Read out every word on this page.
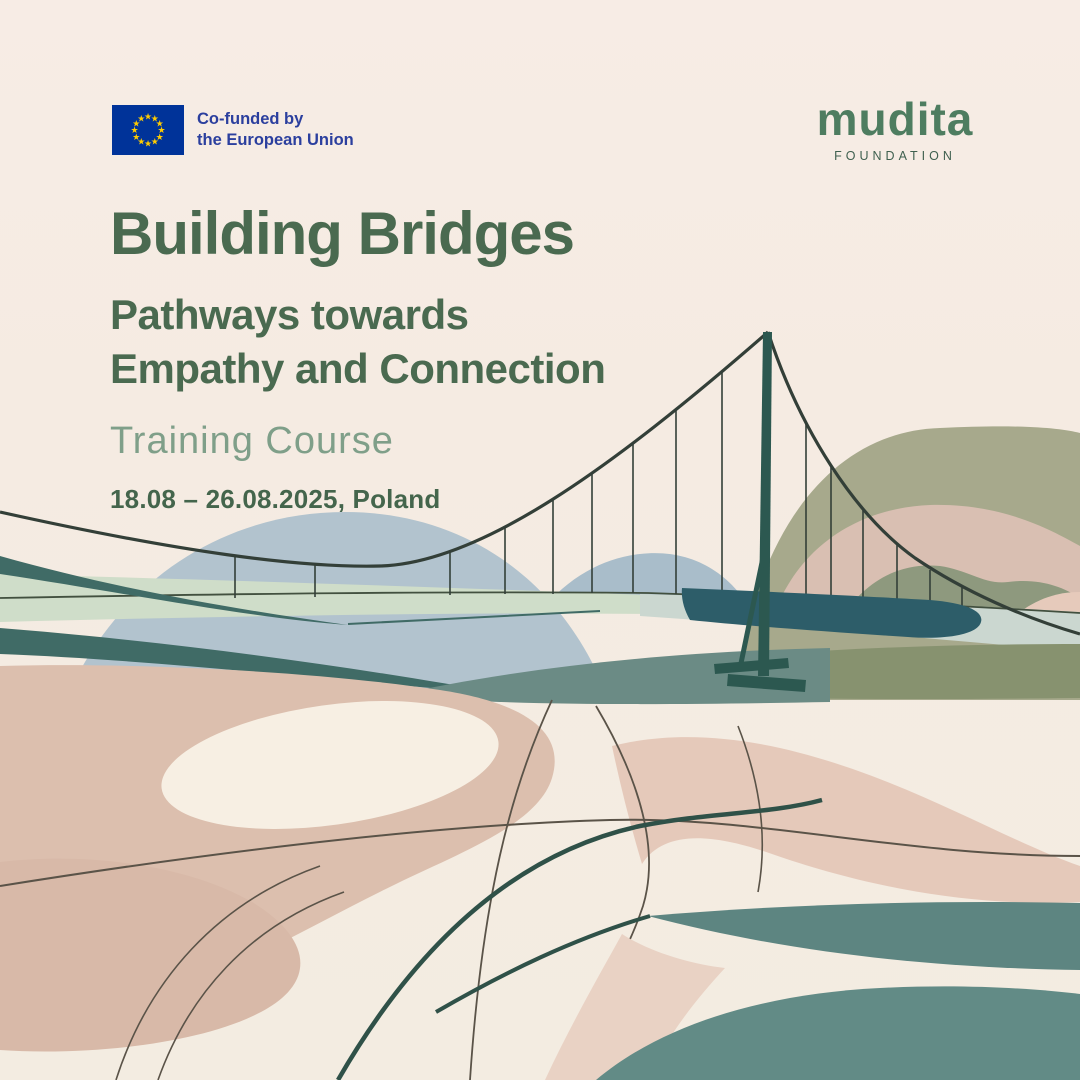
★
★
★
★
★
★
★
★
★
★
★
★	Co-funded by
the European Union	mudita
FOUNDATION
Building Bridges
Pathways towards
Empathy and Connection
Training Course
18.08 – 26.08.2025, Poland
